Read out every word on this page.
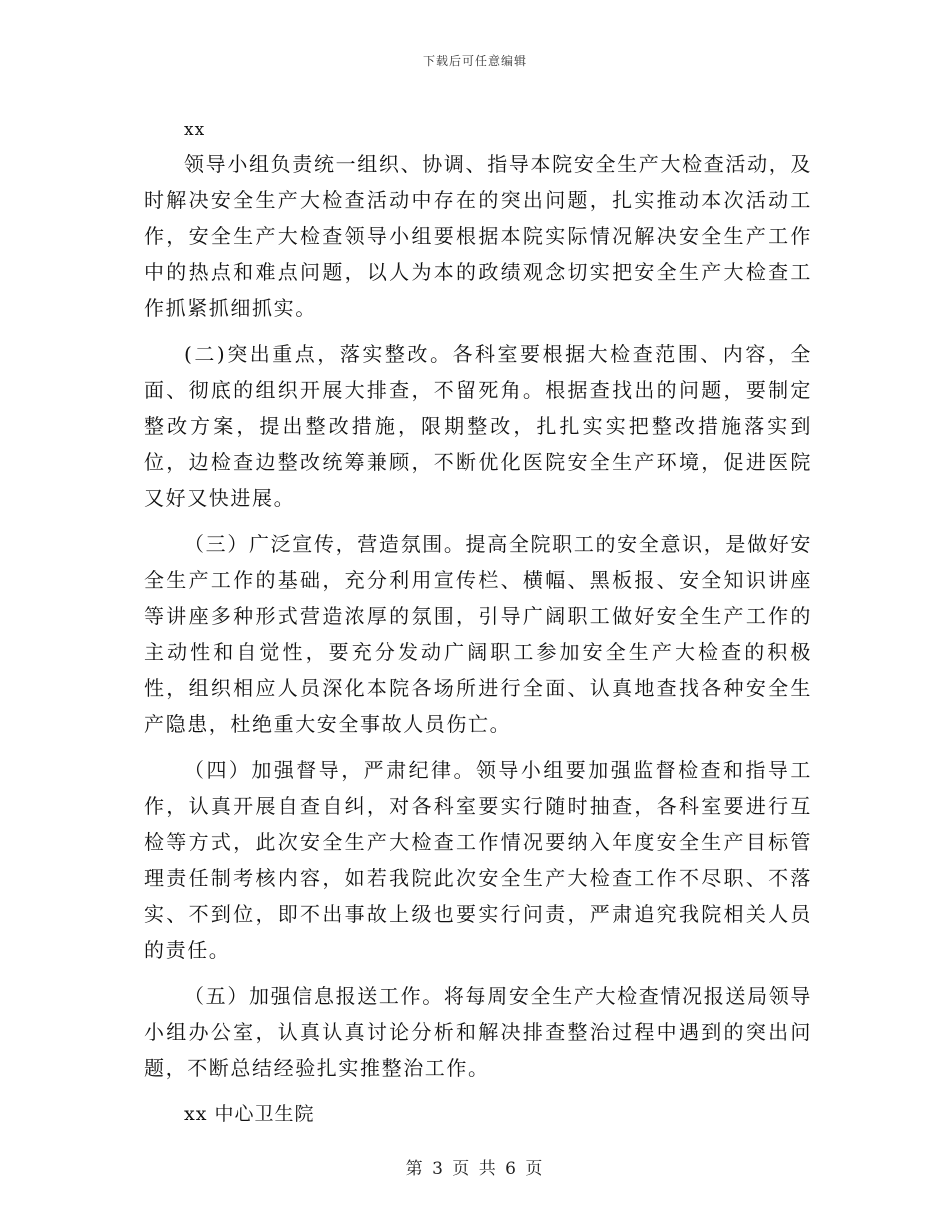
下载后可任意编辑
xx

领导小组负责统一组织、协调、指导本院安全生产大检查活动，及时解决安全生产大检查活动中存在的突出问题，扎实推动本次活动工作，安全生产大检查领导小组要根据本院实际情况解决安全生产工作中的热点和难点问题，以人为本的政绩观念切实把安全生产大检查工作抓紧抓细抓实。

(二)突出重点，落实整改。各科室要根据大检查范围、内容，全面、彻底的组织开展大排查，不留死角。根据查找出的问题，要制定整改方案，提出整改措施，限期整改，扎扎实实把整改措施落实到位，边检查边整改统筹兼顾，不断优化医院安全生产环境，促进医院又好又快进展。

（三）广泛宣传，营造氛围。提高全院职工的安全意识，是做好安全生产工作的基础，充分利用宣传栏、横幅、黑板报、安全知识讲座等讲座多种形式营造浓厚的氛围，引导广阔职工做好安全生产工作的主动性和自觉性，要充分发动广阔职工参加安全生产大检查的积极性，组织相应人员深化本院各场所进行全面、认真地查找各种安全生产隐患，杜绝重大安全事故人员伤亡。

（四）加强督导，严肃纪律。领导小组要加强监督检查和指导工作，认真开展自查自纠，对各科室要实行随时抽查，各科室要进行互检等方式，此次安全生产大检查工作情况要纳入年度安全生产目标管理责任制考核内容，如若我院此次安全生产大检查工作不尽职、不落实、不到位，即不出事故上级也要实行问责，严肃追究我院相关人员的责任。

（五）加强信息报送工作。将每周安全生产大检查情况报送局领导小组办公室，认真认真讨论分析和解决排查整治过程中遇到的突出问题，不断总结经验扎实推整治工作。

xx 中心卫生院
第 3 页 共 6 页
